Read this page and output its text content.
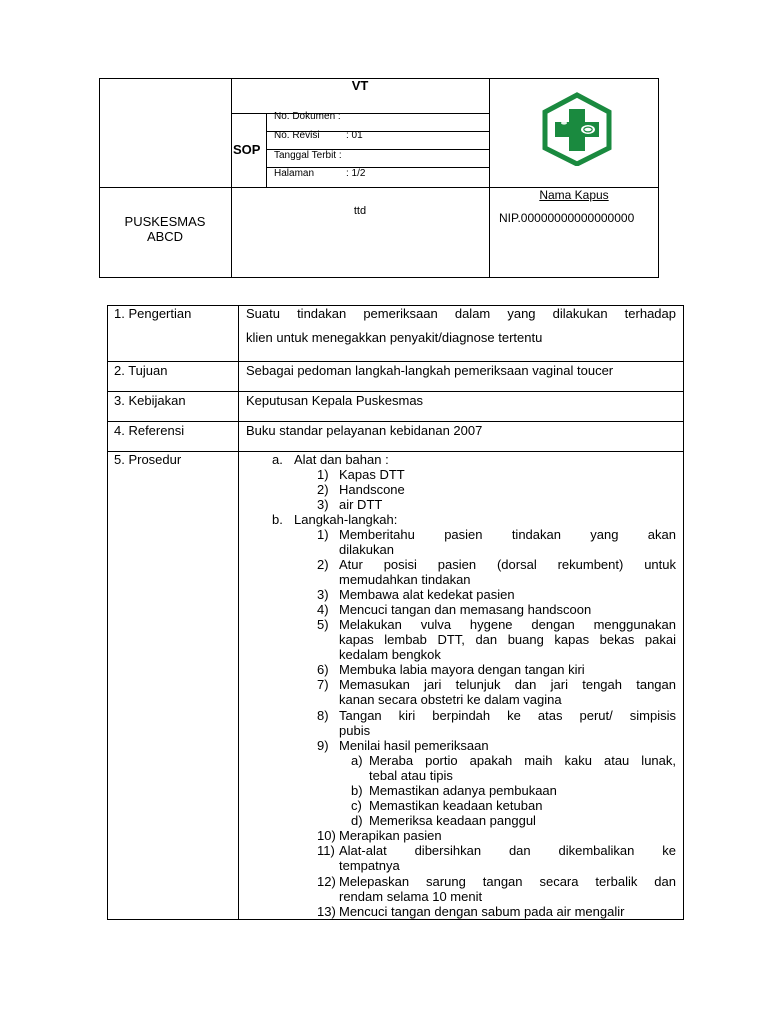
VT
SOP
No. Dokumen :
No. Revisi	: 01
Tanggal Terbit :
Halaman	: 1/2
PUSKESMAS
ABCD
ttd
Nama Kapus
NIP.00000000000000000
1. Pengertian	Suatu tindakan pemeriksaan dalam yang dilakukan terhadap
klien untuk menegakkan penyakit/diagnose tertentu
2. Tujuan	Sebagai pedoman langkah-langkah pemeriksaan vaginal toucer
3. Kebijakan	Keputusan Kepala Puskesmas
4. Referensi	Buku standar pelayanan kebidanan 2007
5. Prosedur	a. Alat dan bahan :
1) Kapas DTT
2) Handscone
3) air DTT
b. Langkah-langkah:
1) Memberitahu pasien tindakan yang akan
dilakukan
2) Atur posisi pasien (dorsal rekumbent) untuk
memudahkan tindakan
3) Membawa alat kedekat pasien
4) Mencuci tangan dan memasang handscoon
5) Melakukan vulva hygene dengan menggunakan
kapas lembab DTT, dan buang kapas bekas pakai
kedalam bengkok
6) Membuka labia mayora dengan tangan kiri
7) Memasukan jari telunjuk dan jari tengah tangan
kanan secara obstetri ke dalam vagina
8) Tangan kiri berpindah ke atas perut/ simpisis
pubis
9) Menilai hasil pemeriksaan
a) Meraba portio apakah maih kaku atau lunak,
tebal atau tipis
b) Memastikan adanya pembukaan
c) Memastikan keadaan ketuban
d) Memeriksa keadaan panggul
10) Merapikan pasien
11) Alat-alat dibersihkan dan dikembalikan ke
tempatnya
12) Melepaskan sarung tangan secara terbalik dan
rendam selama 10 menit
13) Mencuci tangan dengan sabum pada air mengalir
